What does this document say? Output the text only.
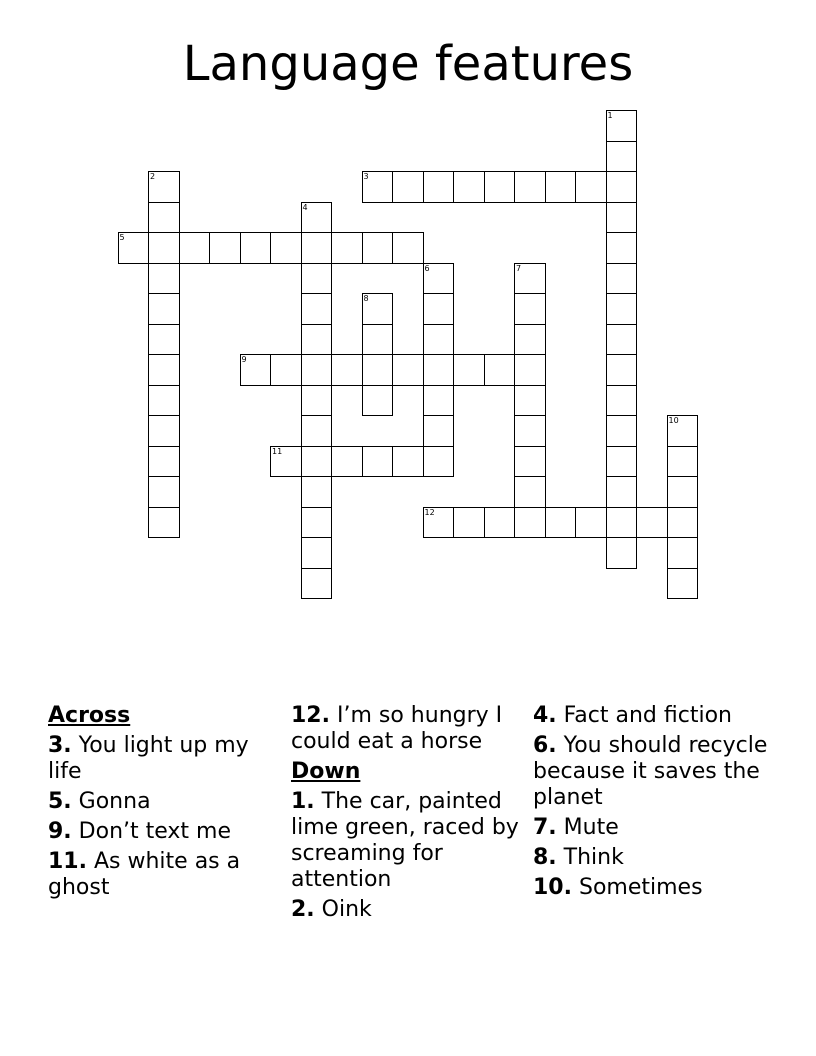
Language features
1
2	3
4
5
6	7
8
9
10
11
12
Across
3. You light up my life
5. Gonna
9. Don’t text me
11. As white as a ghost
12. I’m so hungry I could eat a horse
Down
1. The car, painted lime green, raced by screaming for attention
2. Oink
4. Fact and fiction
6. You should recycle because it saves the planet
7. Mute
8. Think
10. Sometimes
